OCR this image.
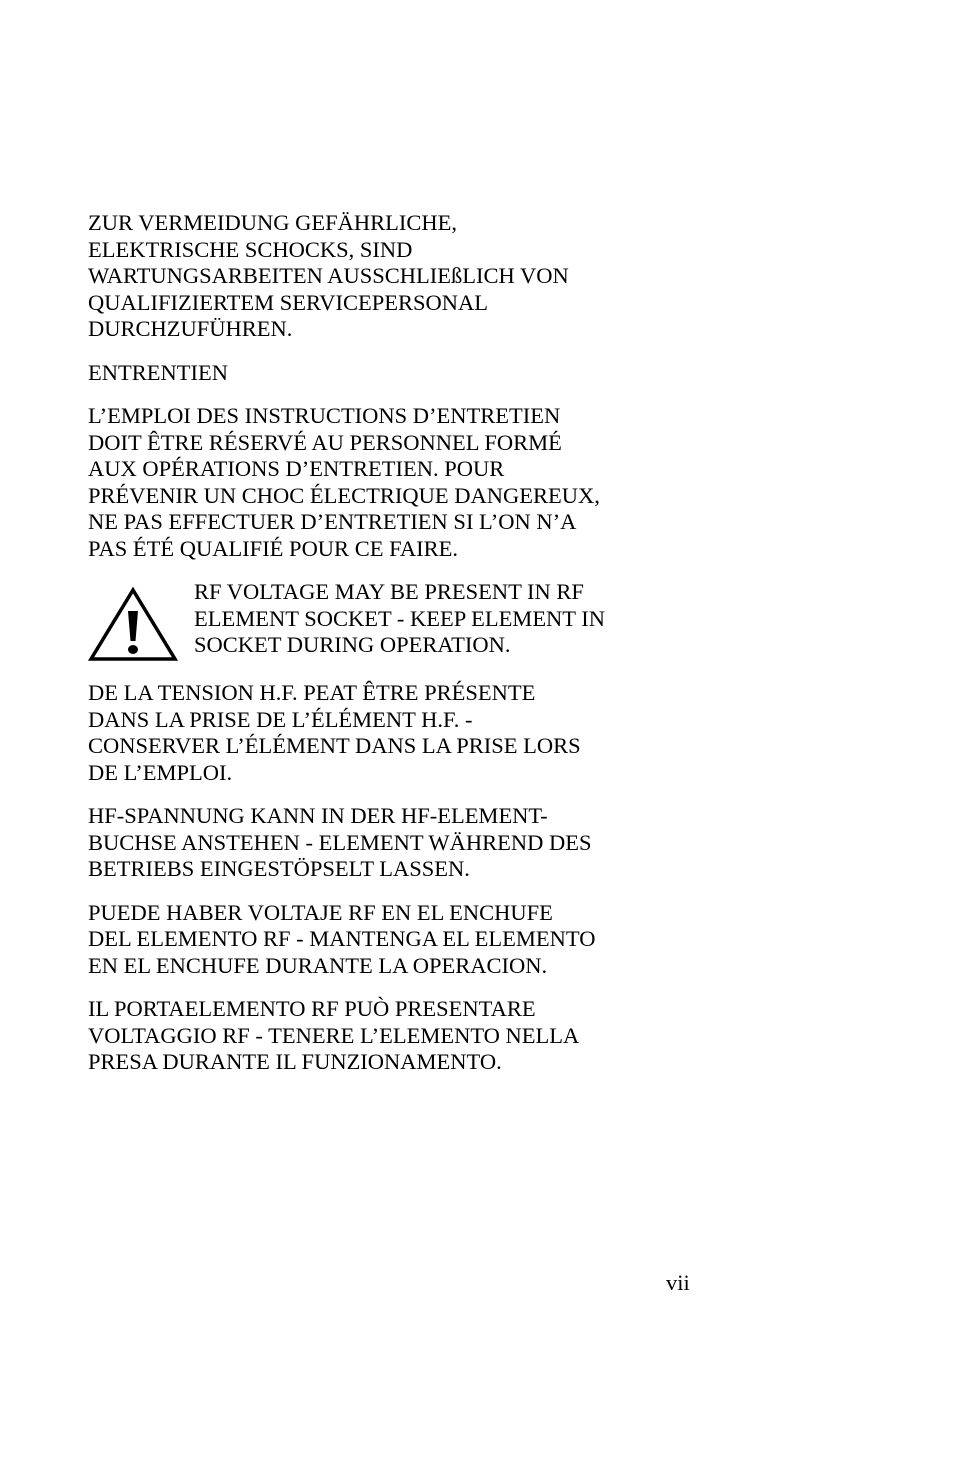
ZUR VERMEIDUNG GEFÄHRLICHE,
ELEKTRISCHE SCHOCKS, SIND
WARTUNGSARBEITEN AUSSCHLIEßLICH VON
QUALIFIZIERTEM SERVICEPERSONAL
DURCHZUFÜHREN.

ENTRENTIEN

L’EMPLOI DES INSTRUCTIONS D’ENTRETIEN
DOIT ÊTRE RÉSERVÉ AU PERSONNEL FORMÉ
AUX OPÉRATIONS D’ENTRETIEN. POUR
PRÉVENIR UN CHOC ÉLECTRIQUE DANGEREUX,
NE PAS EFFECTUER D’ENTRETIEN SI L’ON N’A
PAS ÉTÉ QUALIFIÉ POUR CE FAIRE.

RF VOLTAGE MAY BE PRESENT IN RF
ELEMENT SOCKET - KEEP ELEMENT IN
SOCKET DURING OPERATION.

DE LA TENSION H.F. PEAT ÊTRE PRÉSENTE
DANS LA PRISE DE L’ÉLÉMENT H.F. -
CONSERVER L’ÉLÉMENT DANS LA PRISE LORS
DE L’EMPLOI.

HF-SPANNUNG KANN IN DER HF-ELEMENT-
BUCHSE ANSTEHEN - ELEMENT WÄHREND DES
BETRIEBS EINGESTÖPSELT LASSEN.

PUEDE HABER VOLTAJE RF EN EL ENCHUFE
DEL ELEMENTO RF - MANTENGA EL ELEMENTO
EN EL ENCHUFE DURANTE LA OPERACION.

IL PORTAELEMENTO RF PUÒ PRESENTARE
VOLTAGGIO RF - TENERE L’ELEMENTO NELLA
PRESA DURANTE IL FUNZIONAMENTO.

vii
